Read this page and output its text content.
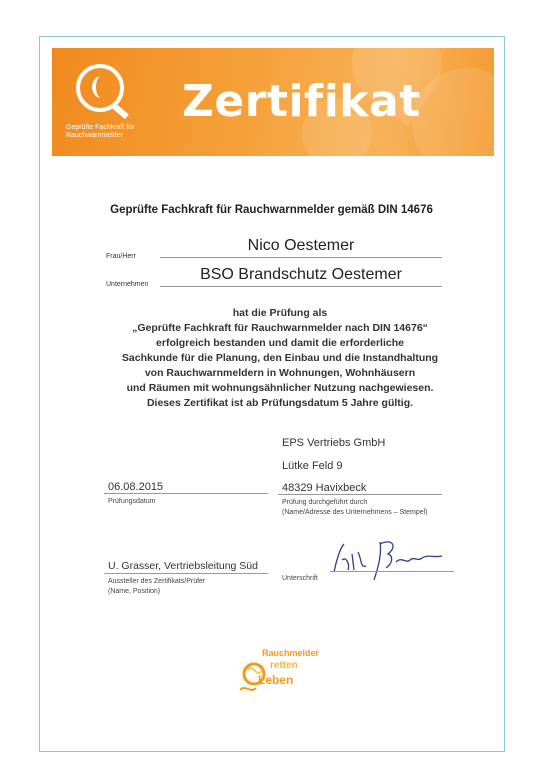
Geprüfte Fachkraft für Rauchwarnmelder
Zertifikat
Geprüfte Fachkraft für Rauchwarnmelder gemäß DIN 14676
Frau/Herr
Nico Oestemer
Unternehmen
BSO Brandschutz Oestemer
hat die Prüfung als
„Geprüfte Fachkraft für Rauchwarnmelder nach DIN 14676“
erfolgreich bestanden und damit die erforderliche
Sachkunde für die Planung, den Einbau und die Instandhaltung
von Rauchwarnmeldern in Wohnungen, Wohnhäusern
und Räumen mit wohnungsähnlicher Nutzung nachgewiesen.
Dieses Zertifikat ist ab Prüfungsdatum 5 Jahre gültig.
EPS Vertriebs GmbH
Lütke Feld 9
48329 Havixbeck
Prüfung durchgeführt durch
(Name/Adresse des Unternehmens – Stempel)
06.08.2015
Prüfungsdatum
U. Grasser, Vertriebsleitung Süd
Aussteller des Zertifikats/Prüfer
(Name, Position)
Unterschrift
Rauchmelder
retten
Leben
